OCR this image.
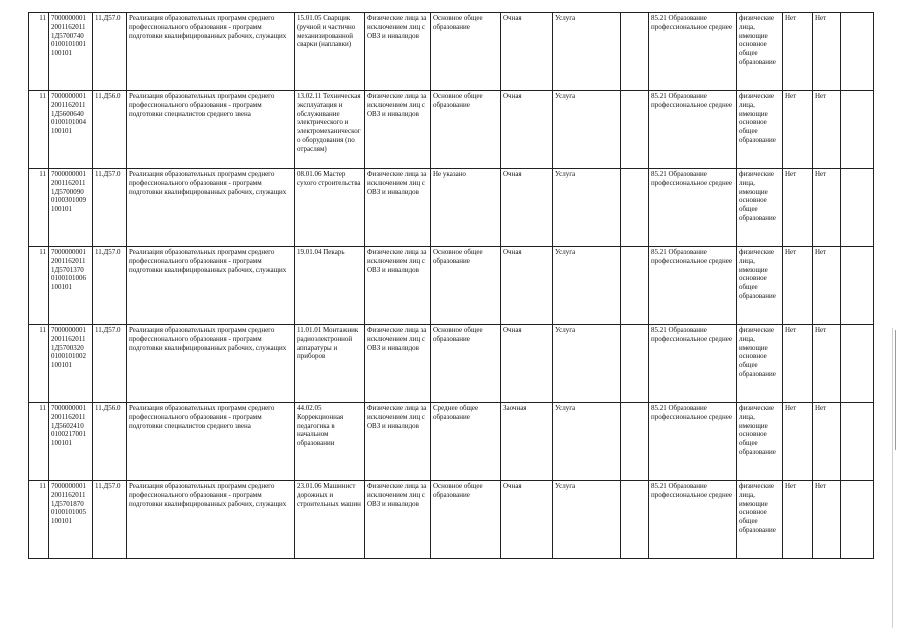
11	7000000001 2001162011 1Д5700740 0100101001 100101	11.Д57.0	Реализация образовательных программ среднего профессионального образования - программ подготовки квалифицированных рабочих, служащих	15.01.05 Сварщик (ручной и частично механизированной сварки (наплавки)	Физические лица за исключением лиц с ОВЗ и инвалидов	Основное общее образование	Очная	Услуга		85.21 Образование профессиональное среднее	физические лица, имеющие основное общее образование	Нет	Нет	
11	7000000001 2001162011 1Д5600640 0100101004 100101	11.Д56.0	Реализация образовательных программ среднего профессионального образования - программ подготовки специалистов среднего звена	13.02.11 Техническая эксплуатация и обслуживание электрического и электромеханического оборудования (по отраслям)	Физические лица за исключением лиц с ОВЗ и инвалидов	Основное общее образование	Очная	Услуга		85.21 Образование профессиональное среднее	физические лица, имеющие основное общее образование	Нет	Нет	
11	7000000001 2001162011 1Д5700090 0100301009 100101	11.Д57.0	Реализация образовательных программ среднего профессионального образования - программ подготовки квалифицированных рабочих, служащих	08.01.06 Мастер сухого строительства	Физические лица за исключением лиц с ОВЗ и инвалидов	Не указано	Очная	Услуга		85.21 Образование профессиональное среднее	физические лица, имеющие основное общее образование	Нет	Нет	
11	7000000001 2001162011 1Д5701370 0100101006 100101	11.Д57.0	Реализация образовательных программ среднего профессионального образования - программ подготовки квалифицированных рабочих, служащих	19.01.04 Пекарь	Физические лица за исключением лиц с ОВЗ и инвалидов	Основное общее образование	Очная	Услуга		85.21 Образование профессиональное среднее	физические лица, имеющие основное общее образование	Нет	Нет	
11	7000000001 2001162011 1Д5700320 0100101002 100101	11.Д57.0	Реализация образовательных программ среднего профессионального образования - программ подготовки квалифицированных рабочих, служащих	11.01.01 Монтажник радиоэлектронной аппаратуры и приборов	Физические лица за исключением лиц с ОВЗ и инвалидов	Основное общее образование	Очная	Услуга		85.21 Образование профессиональное среднее	физические лица, имеющие основное общее образование	Нет	Нет	
11	7000000001 2001162011 1Д5602410 0100217001 100101	11.Д56.0	Реализация образовательных программ среднего профессионального образования - программ подготовки специалистов среднего звена	44.02.05 Коррекционная педагогика в начальном образовании	Физические лица за исключением лиц с ОВЗ и инвалидов	Среднее общее образование	Заочная	Услуга		85.21 Образование профессиональное среднее	физические лица, имеющие основное общее образование	Нет	Нет	
11	7000000001 2001162011 1Д5701870 0100101005 100101	11.Д57.0	Реализация образовательных программ среднего профессионального образования - программ подготовки квалифицированных рабочих, служащих	23.01.06 Машинист дорожных и строительных машин	Физические лица за исключением лиц с ОВЗ и инвалидов	Основное общее образование	Очная	Услуга		85.21 Образование профессиональное среднее	физические лица, имеющие основное общее образование	Нет	Нет	
